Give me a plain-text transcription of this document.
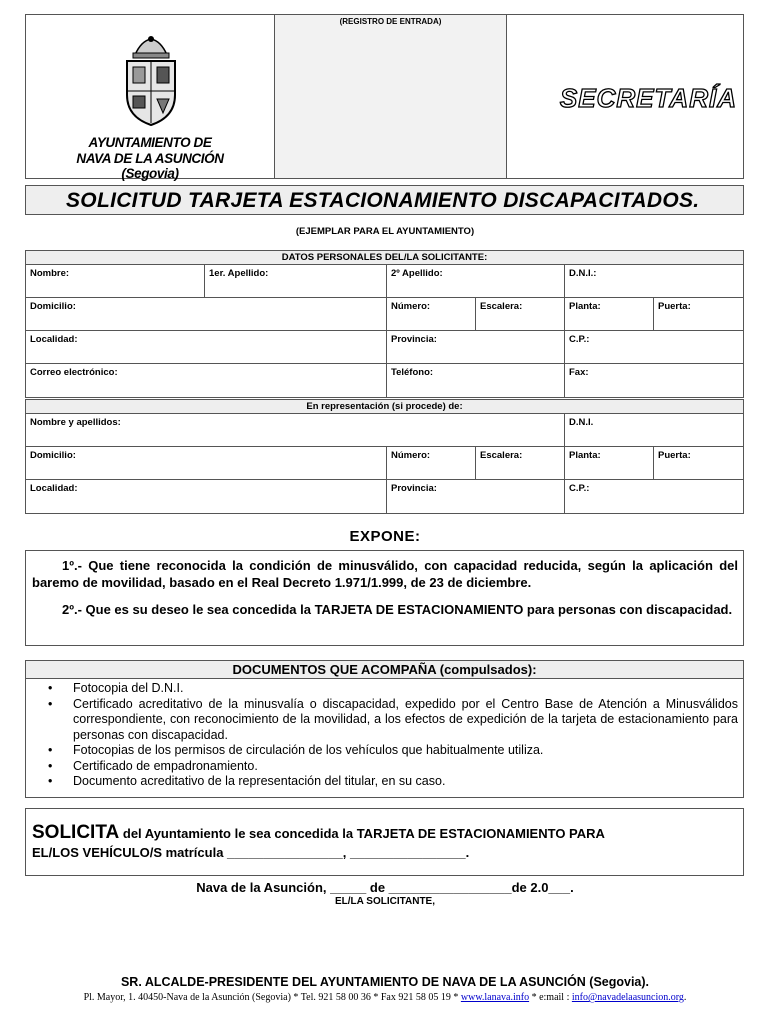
AYUNTAMIENTO DE
NAVA DE LA ASUNCIÓN
(Segovia)
(REGISTRO DE ENTRADA)
SECRETARÍA
SOLICITUD TARJETA ESTACIONAMIENTO DISCAPACITADOS.
(EJEMPLAR PARA EL AYUNTAMIENTO)
DATOS PERSONALES DEL/LA SOLICITANTE:
Nombre:	1er. Apellido:	2º Apellido:	D.N.I.:
Domicilio:	Número:	Escalera:	Planta:	Puerta:
Localidad:	Provincia:	C.P.:
Correo electrónico:	Teléfono:	Fax:
En representación (si procede) de:
Nombre y apellidos:	D.N.I.
Domicilio:	Número:	Escalera:	Planta:	Puerta:
Localidad:	Provincia:	C.P.:
EXPONE:

1º.- Que tiene reconocida la condición de minusválido, con capacidad reducida, según la aplicación del baremo de movilidad, basado en el Real Decreto 1.971/1.999, de 23 de diciembre.

2º.- Que es su deseo le sea concedida la TARJETA DE ESTACIONAMIENTO para personas con discapacidad.

DOCUMENTOS QUE ACOMPAÑA (compulsados):
• Fotocopia del D.N.I.
• Certificado acreditativo de la minusvalía o discapacidad, expedido por el Centro Base de Atención a Minusválidos correspondiente, con reconocimiento de la movilidad, a los efectos de expedición de la tarjeta de estacionamiento para personas con discapacidad.
• Fotocopias de los permisos de circulación de los vehículos que habitualmente utiliza.
• Certificado de empadronamiento.
• Documento acreditativo de la representación del titular, en su caso.
SOLICITA del Ayuntamiento le sea concedida la TARJETA DE ESTACIONAMIENTO PARA
EL/LOS VEHÍCULO/S matrícula ________________, ________________.
Nava de la Asunción, _____ de _________________de 2.0___.
EL/LA SOLICITANTE,
SR. ALCALDE-PRESIDENTE DEL AYUNTAMIENTO DE NAVA DE LA ASUNCIÓN (Segovia).
Pl. Mayor, 1. 40450-Nava de la Asunción (Segovia) * Tel. 921 58 00 36 * Fax 921 58 05 19 * www.lanava.info * e:mail : info@navadelaasuncion.org.
